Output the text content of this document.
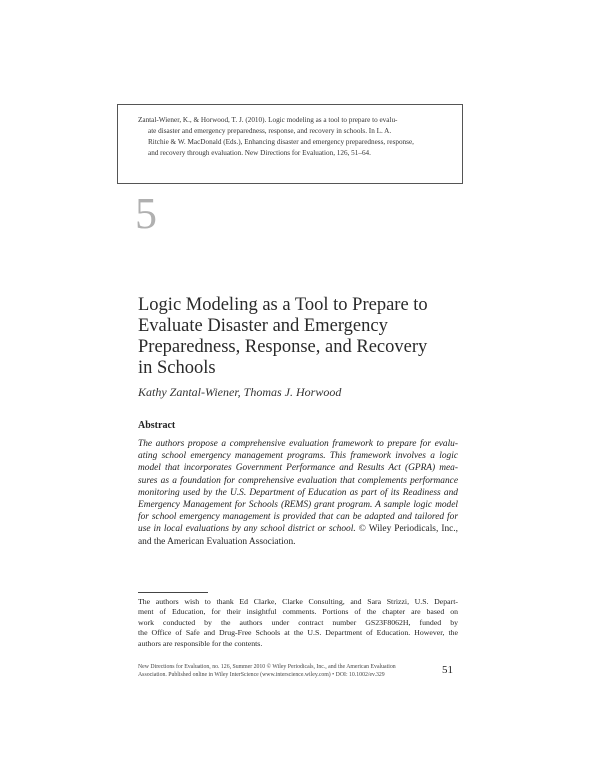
Zantal-Wiener, K., & Horwood, T. J. (2010). Logic modeling as a tool to prepare to evalu-
ate disaster and emergency preparedness, response, and recovery in schools. In L. A.
Ritchie & W. MacDonald (Eds.), Enhancing disaster and emergency preparedness, response,
and recovery through evaluation. New Directions for Evaluation, 126, 51–64.
5
Logic Modeling as a Tool to Prepare to
Evaluate Disaster and Emergency
Preparedness, Response, and Recovery
in Schools
Kathy Zantal-Wiener, Thomas J. Horwood
Abstract
The authors propose a comprehensive evaluation framework to prepare for evalu-
ating school emergency management programs. This framework involves a logic
model that incorporates Government Performance and Results Act (GPRA) mea-
sures as a foundation for comprehensive evaluation that complements performance
monitoring used by the U.S. Department of Education as part of its Readiness and
Emergency Management for Schools (REMS) grant program. A sample logic model
for school emergency management is provided that can be adapted and tailored for
use in local evaluations by any school district or school. © Wiley Periodicals, Inc.,
and the American Evaluation Association.
The authors wish to thank Ed Clarke, Clarke Consulting, and Sara Strizzi, U.S. Depart-
ment of Education, for their insightful comments. Portions of the chapter are based on
work conducted by the authors under contract number GS23F8062H, funded by
the Office of Safe and Drug-Free Schools at the U.S. Department of Education. However, the
authors are responsible for the contents.
New Directions for Evaluation, no. 126, Summer 2010 © Wiley Periodicals, Inc., and the American Evaluation
Association. Published online in Wiley InterScience (www.interscience.wiley.com) • DOI: 10.1002/ev.329	51
